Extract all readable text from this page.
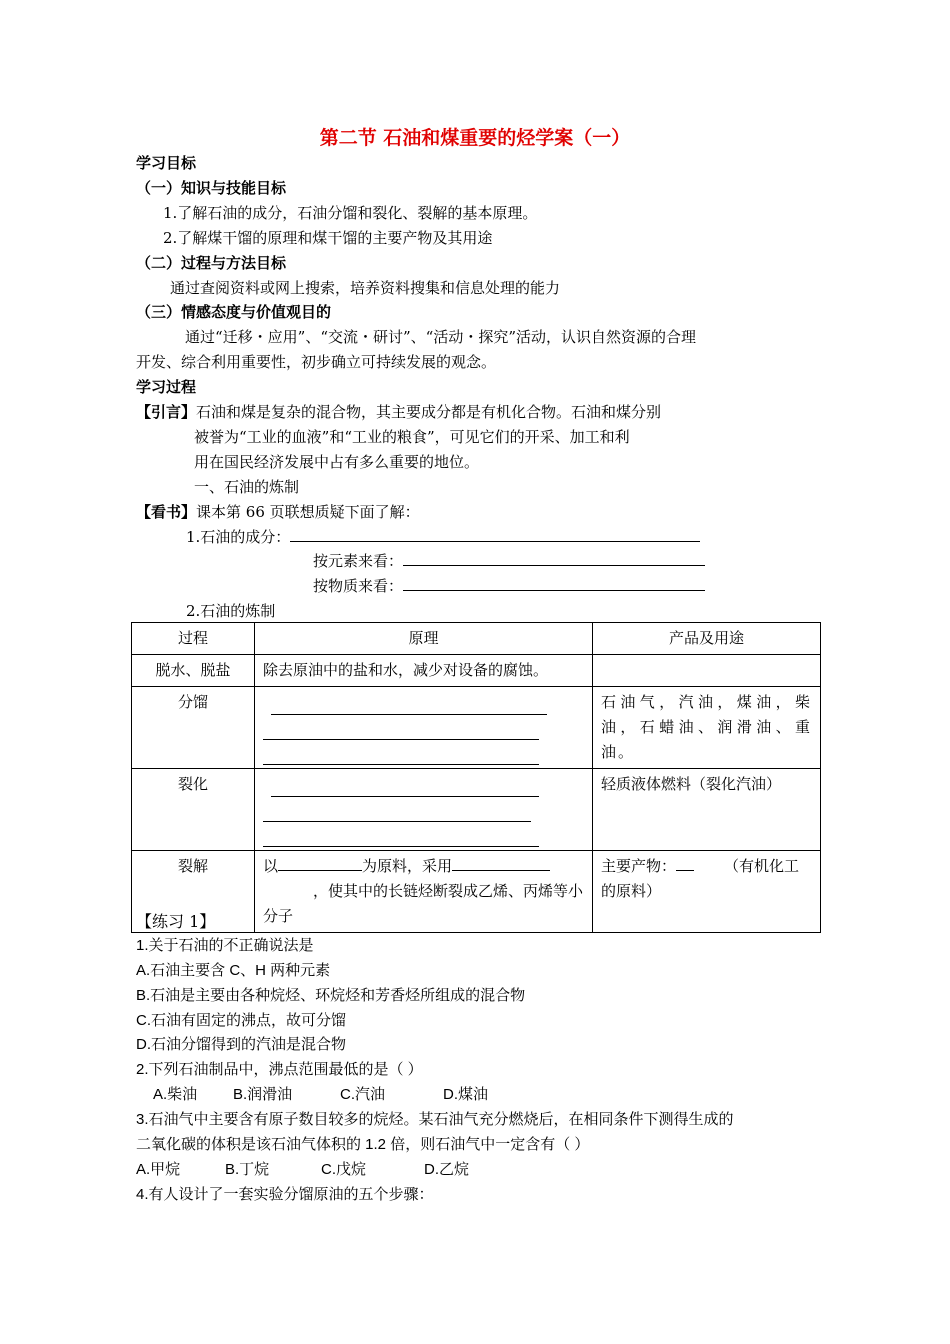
第二节 石油和煤重要的烃学案（一）
学习目标
（一）知识与技能目标
1.了解石油的成分，石油分馏和裂化、裂解的基本原理。
2.了解煤干馏的原理和煤干馏的主要产物及其用途
（二）过程与方法目标
通过查阅资料或网上搜索，培养资料搜集和信息处理的能力
（三）情感态度与价值观目的
通过“迁移・应用”、“交流・研讨”、“活动・探究”活动，认识自然资源的合理
开发、综合利用重要性，初步确立可持续发展的观念。
学习过程
【引言】石油和煤是复杂的混合物，其主要成分都是有机化合物。石油和煤分别
被誉为“工业的血液”和“工业的粮食”，可见它们的开采、加工和利
用在国民经济发展中占有多么重要的地位。
一、石油的炼制
【看书】课本第 66 页联想质疑下面了解：
1.石油的成分：
按元素来看：
按物质来看：
2.石油的炼制
过程	原理	产品及用途
脱水、脱盐	除去原油中的盐和水，减少对设备的腐蚀。	
分馏		石油气，汽油，煤油，柴油，石蜡油、润滑油、重油。
裂化		轻质液体燃料（裂化汽油）
裂解	以 为原料，采用
，使其中的长链烃断裂成乙烯、丙烯等小分子	主要产物： （有机化工的原料）
【练习 1】
1.关于石油的不正确说法是
A.石油主要含 C、H 两种元素
B.石油是主要由各种烷烃、环烷烃和芳香烃所组成的混合物
C.石油有固定的沸点，故可分馏
D.石油分馏得到的汽油是混合物
2.下列石油制品中，沸点范围最低的是（ ）
A.柴油 B.润滑油	C.汽油	D.煤油
3.石油气中主要含有原子数目较多的烷烃。某石油气充分燃烧后，在相同条件下测得生成的
二氧化碳的体积是该石油气体积的 1.2 倍，则石油气中一定含有（ ）
A.甲烷	B.丁烷	C.戊烷	D.乙烷
4.有人设计了一套实验分馏原油的五个步骤：
